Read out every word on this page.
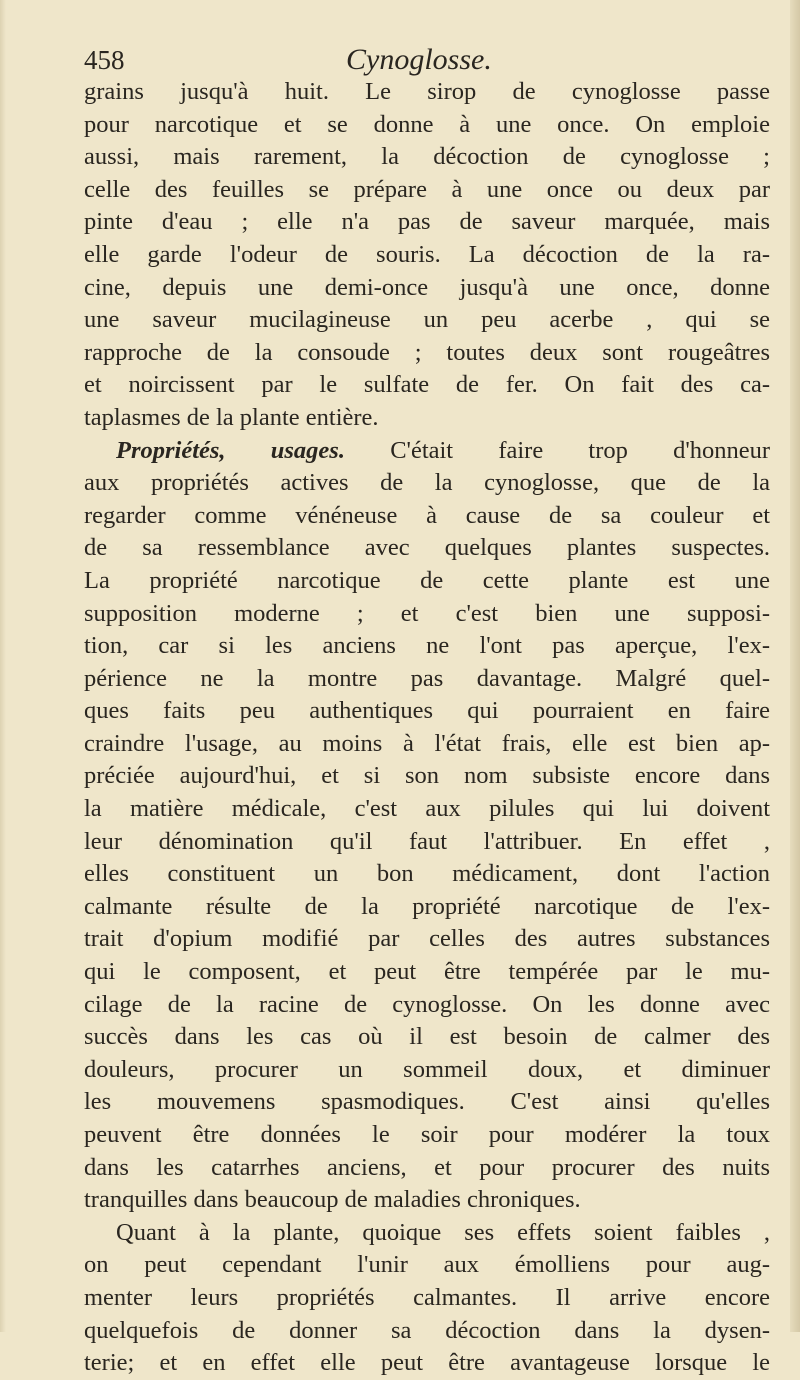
458	Cynoglosse.
grains jusqu'à huit. Le sirop de cynoglosse passe
pour narcotique et se donne à une once. On emploie
aussi, mais rarement, la décoction de cynoglosse ;
celle des feuilles se prépare à une once ou deux par
pinte d'eau ; elle n'a pas de saveur marquée, mais
elle garde l'odeur de souris. La décoction de la ra-
cine, depuis une demi-once jusqu'à une once, donne
une saveur mucilagineuse un peu acerbe , qui se
rapproche de la consoude ; toutes deux sont rougeâtres
et noircissent par le sulfate de fer. On fait des ca-
taplasmes de la plante entière.
Propriétés, usages. C'était faire trop d'honneur
aux propriétés actives de la cynoglosse, que de la
regarder comme vénéneuse à cause de sa couleur et
de sa ressemblance avec quelques plantes suspectes.
La propriété narcotique de cette plante est une
supposition moderne ; et c'est bien une supposi-
tion, car si les anciens ne l'ont pas aperçue, l'ex-
périence ne la montre pas davantage. Malgré quel-
ques faits peu authentiques qui pourraient en faire
craindre l'usage, au moins à l'état frais, elle est bien ap-
préciée aujourd'hui, et si son nom subsiste encore dans
la matière médicale, c'est aux pilules qui lui doivent
leur dénomination qu'il faut l'attribuer. En effet ,
elles constituent un bon médicament, dont l'action
calmante résulte de la propriété narcotique de l'ex-
trait d'opium modifié par celles des autres substances
qui le composent, et peut être tempérée par le mu-
cilage de la racine de cynoglosse. On les donne avec
succès dans les cas où il est besoin de calmer des
douleurs, procurer un sommeil doux, et diminuer
les mouvemens spasmodiques. C'est ainsi qu'elles
peuvent être données le soir pour modérer la toux
dans les catarrhes anciens, et pour procurer des nuits
tranquilles dans beaucoup de maladies chroniques.
Quant à la plante, quoique ses effets soient faibles ,
on peut cependant l'unir aux émolliens pour aug-
menter leurs propriétés calmantes. Il arrive encore
quelquefois de donner sa décoction dans la dysen-
terie; et en effet elle peut être avantageuse lorsque le
